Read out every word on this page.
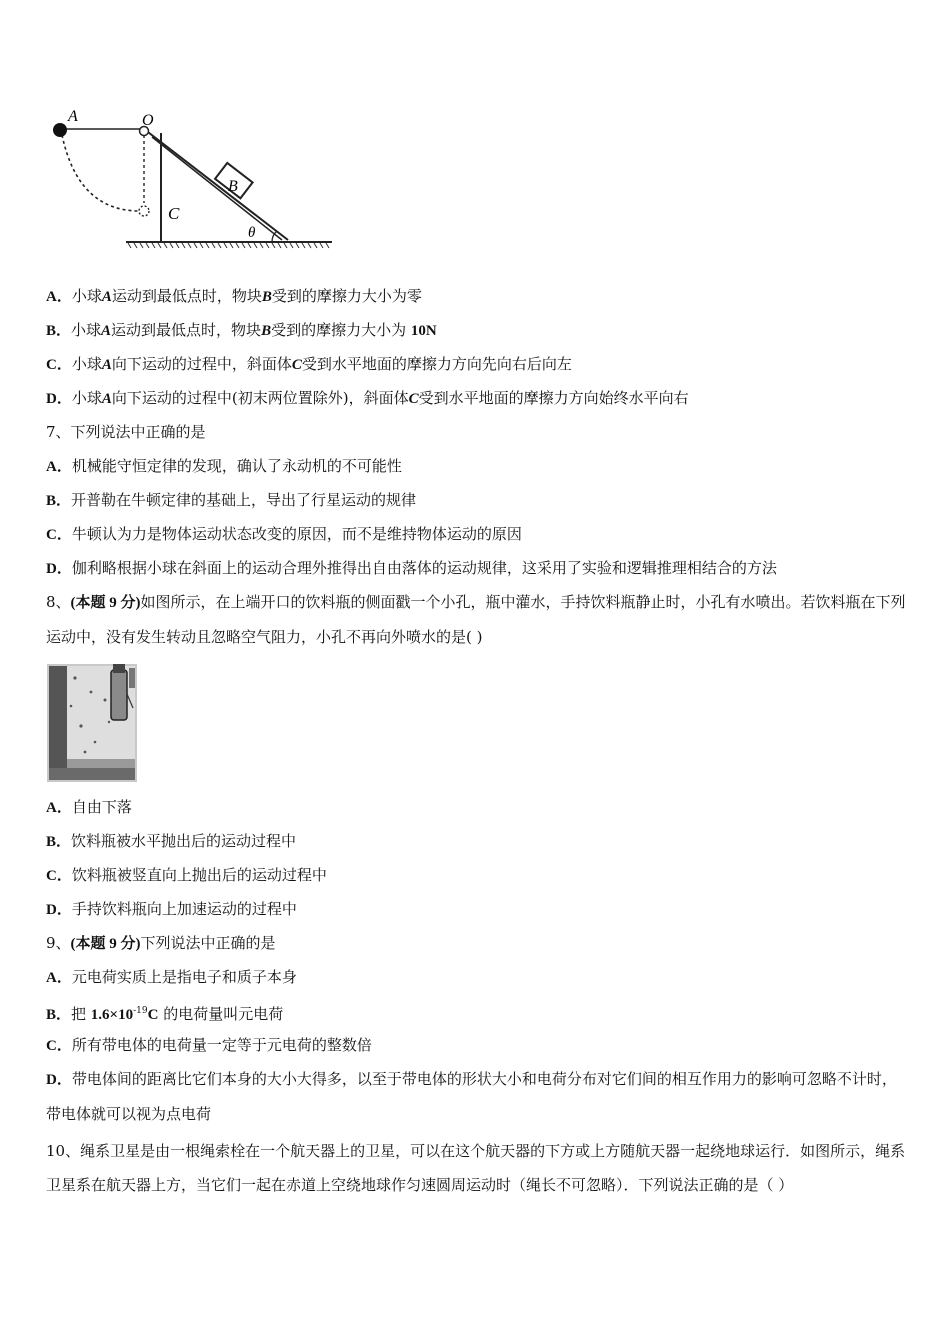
A	O
B
C
θ
A．小球A运动到最低点时，物块B受到的摩擦力大小为零
B．小球A运动到最低点时，物块B受到的摩擦力大小为 10N
C．小球A向下运动的过程中，斜面体C受到水平地面的摩擦力方向先向右后向左
D．小球A向下运动的过程中(初末两位置除外)，斜面体C受到水平地面的摩擦力方向始终水平向右
7、下列说法中正确的是
A．机械能守恒定律的发现，确认了永动机的不可能性
B．开普勒在牛顿定律的基础上，导出了行星运动的规律
C．牛顿认为力是物体运动状态改变的原因，而不是维持物体运动的原因
D．伽利略根据小球在斜面上的运动合理外推得出自由落体的运动规律，这采用了实验和逻辑推理相结合的方法
8、(本题 9 分)如图所示，在上端开口的饮料瓶的侧面戳一个小孔，瓶中灌水，手持饮料瓶静止时，小孔有水喷出。若饮料瓶在下列运动中，没有发生转动且忽略空气阻力，小孔不再向外喷水的是( )
A．自由下落
B．饮料瓶被水平抛出后的运动过程中
C．饮料瓶被竖直向上抛出后的运动过程中
D．手持饮料瓶向上加速运动的过程中
9、(本题 9 分)下列说法中正确的是
A．元电荷实质上是指电子和质子本身
B．把 $1.6\times 10^{-19}C$ 的电荷量叫元电荷
C．所有带电体的电荷量一定等于元电荷的整数倍
D．带电体间的距离比它们本身的大小大得多，以至于带电体的形状大小和电荷分布对它们间的相互作用力的影响可忽略不计时，带电体就可以视为点电荷
10、绳系卫星是由一根绳索栓在一个航天器上的卫星，可以在这个航天器的下方或上方随航天器一起绕地球运行．如图所示，绳系卫星系在航天器上方，当它们一起在赤道上空绕地球作匀速圆周运动时（绳长不可忽略）．下列说法正确的是（ ）
